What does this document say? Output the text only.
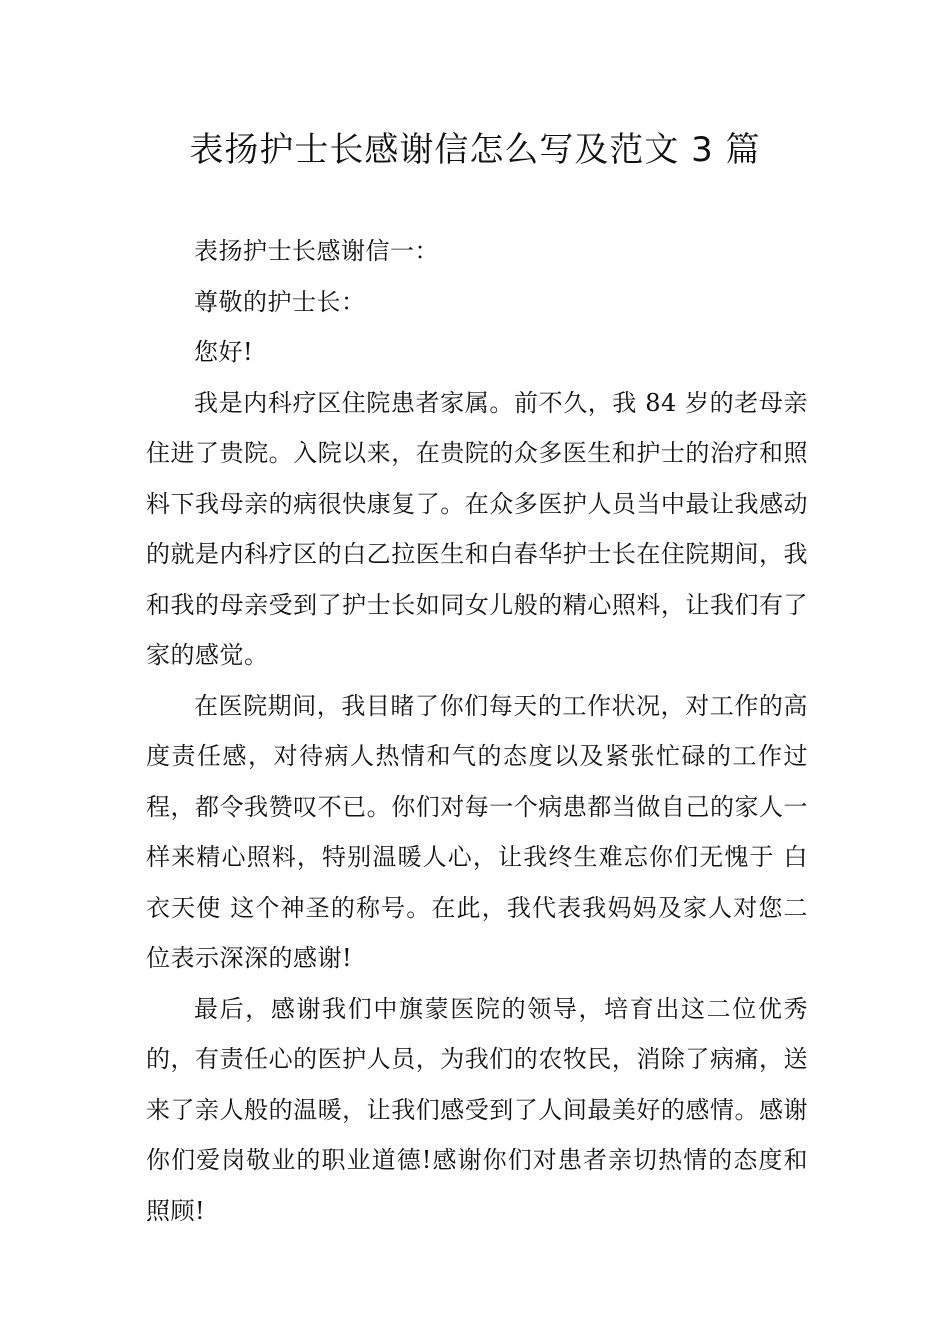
表扬护士长感谢信怎么写及范文 3 篇

表扬护士长感谢信一：

尊敬的护士长：

您好!

我是内科疗区住院患者家属。前不久，我 84 岁的老母亲住进了贵院。入院以来，在贵院的众多医生和护士的治疗和照料下我母亲的病很快康复了。在众多医护人员当中最让我感动的就是内科疗区的白乙拉医生和白春华护士长在住院期间，我和我的母亲受到了护士长如同女儿般的精心照料，让我们有了家的感觉。

在医院期间，我目睹了你们每天的工作状况，对工作的高度责任感，对待病人热情和气的态度以及紧张忙碌的工作过程，都令我赞叹不已。你们对每一个病患都当做自己的家人一样来精心照料，特别温暖人心，让我终生难忘你们无愧于 白衣天使 这个神圣的称号。在此，我代表我妈妈及家人对您二位表示深深的感谢!

最后，感谢我们中旗蒙医院的领导，培育出这二位优秀的，有责任心的医护人员，为我们的农牧民，消除了病痛，送来了亲人般的温暖，让我们感受到了人间最美好的感情。感谢你们爱岗敬业的职业道德!感谢你们对患者亲切热情的态度和照顾!
